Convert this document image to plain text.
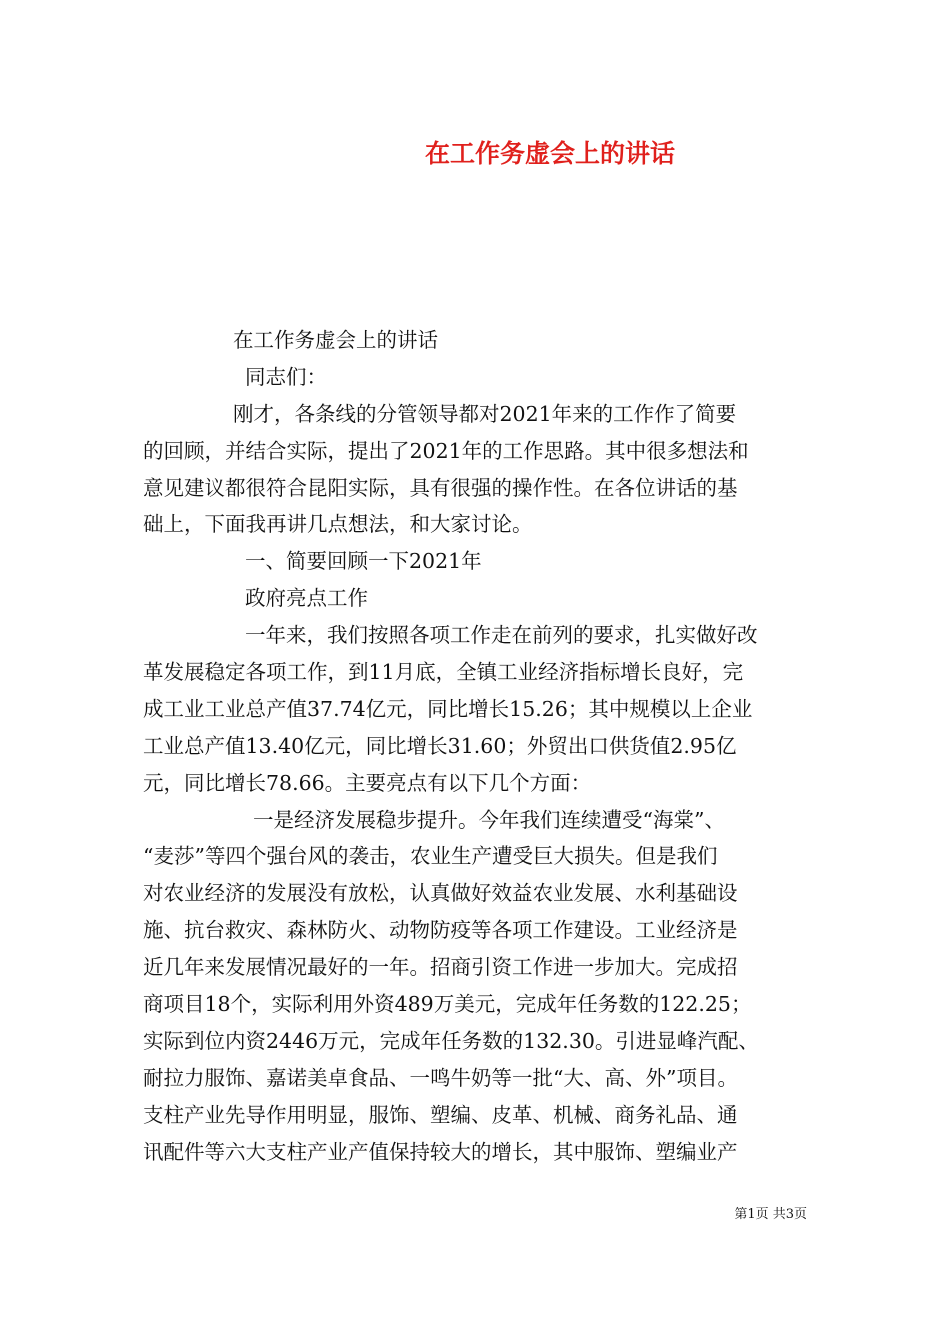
在工作务虚会上的讲话
在工作务虚会上的讲话
同志们：
刚才，各条线的分管领导都对2021年来的工作作了简要
的回顾，并结合实际，提出了2021年的工作思路。其中很多想法和
意见建议都很符合昆阳实际，具有很强的操作性。在各位讲话的基
础上，下面我再讲几点想法，和大家讨论。
一、简要回顾一下2021年
政府亮点工作
一年来，我们按照各项工作走在前列的要求，扎实做好改
革发展稳定各项工作，到11月底，全镇工业经济指标增长良好，完
成工业工业总产值37.74亿元，同比增长15.26；其中规模以上企业
工业总产值13.40亿元，同比增长31.60；外贸出口供货值2.95亿
元，同比增长78.66。主要亮点有以下几个方面：
一是经济发展稳步提升。今年我们连续遭受“海棠”、
“麦莎”等四个强台风的袭击，农业生产遭受巨大损失。但是我们
对农业经济的发展没有放松，认真做好效益农业发展、水利基础设
施、抗台救灾、森林防火、动物防疫等各项工作建设。工业经济是
近几年来发展情况最好的一年。招商引资工作进一步加大。完成招
商项目18个，实际利用外资489万美元，完成年任务数的122.25；
实际到位内资2446万元，完成年任务数的132.30。引进显峰汽配、
耐拉力服饰、嘉诺美卓食品、一鸣牛奶等一批“大、高、外”项目。
支柱产业先导作用明显，服饰、塑编、皮革、机械、商务礼品、通
讯配件等六大支柱产业产值保持较大的增长，其中服饰、塑编业产
第1页 共3页
